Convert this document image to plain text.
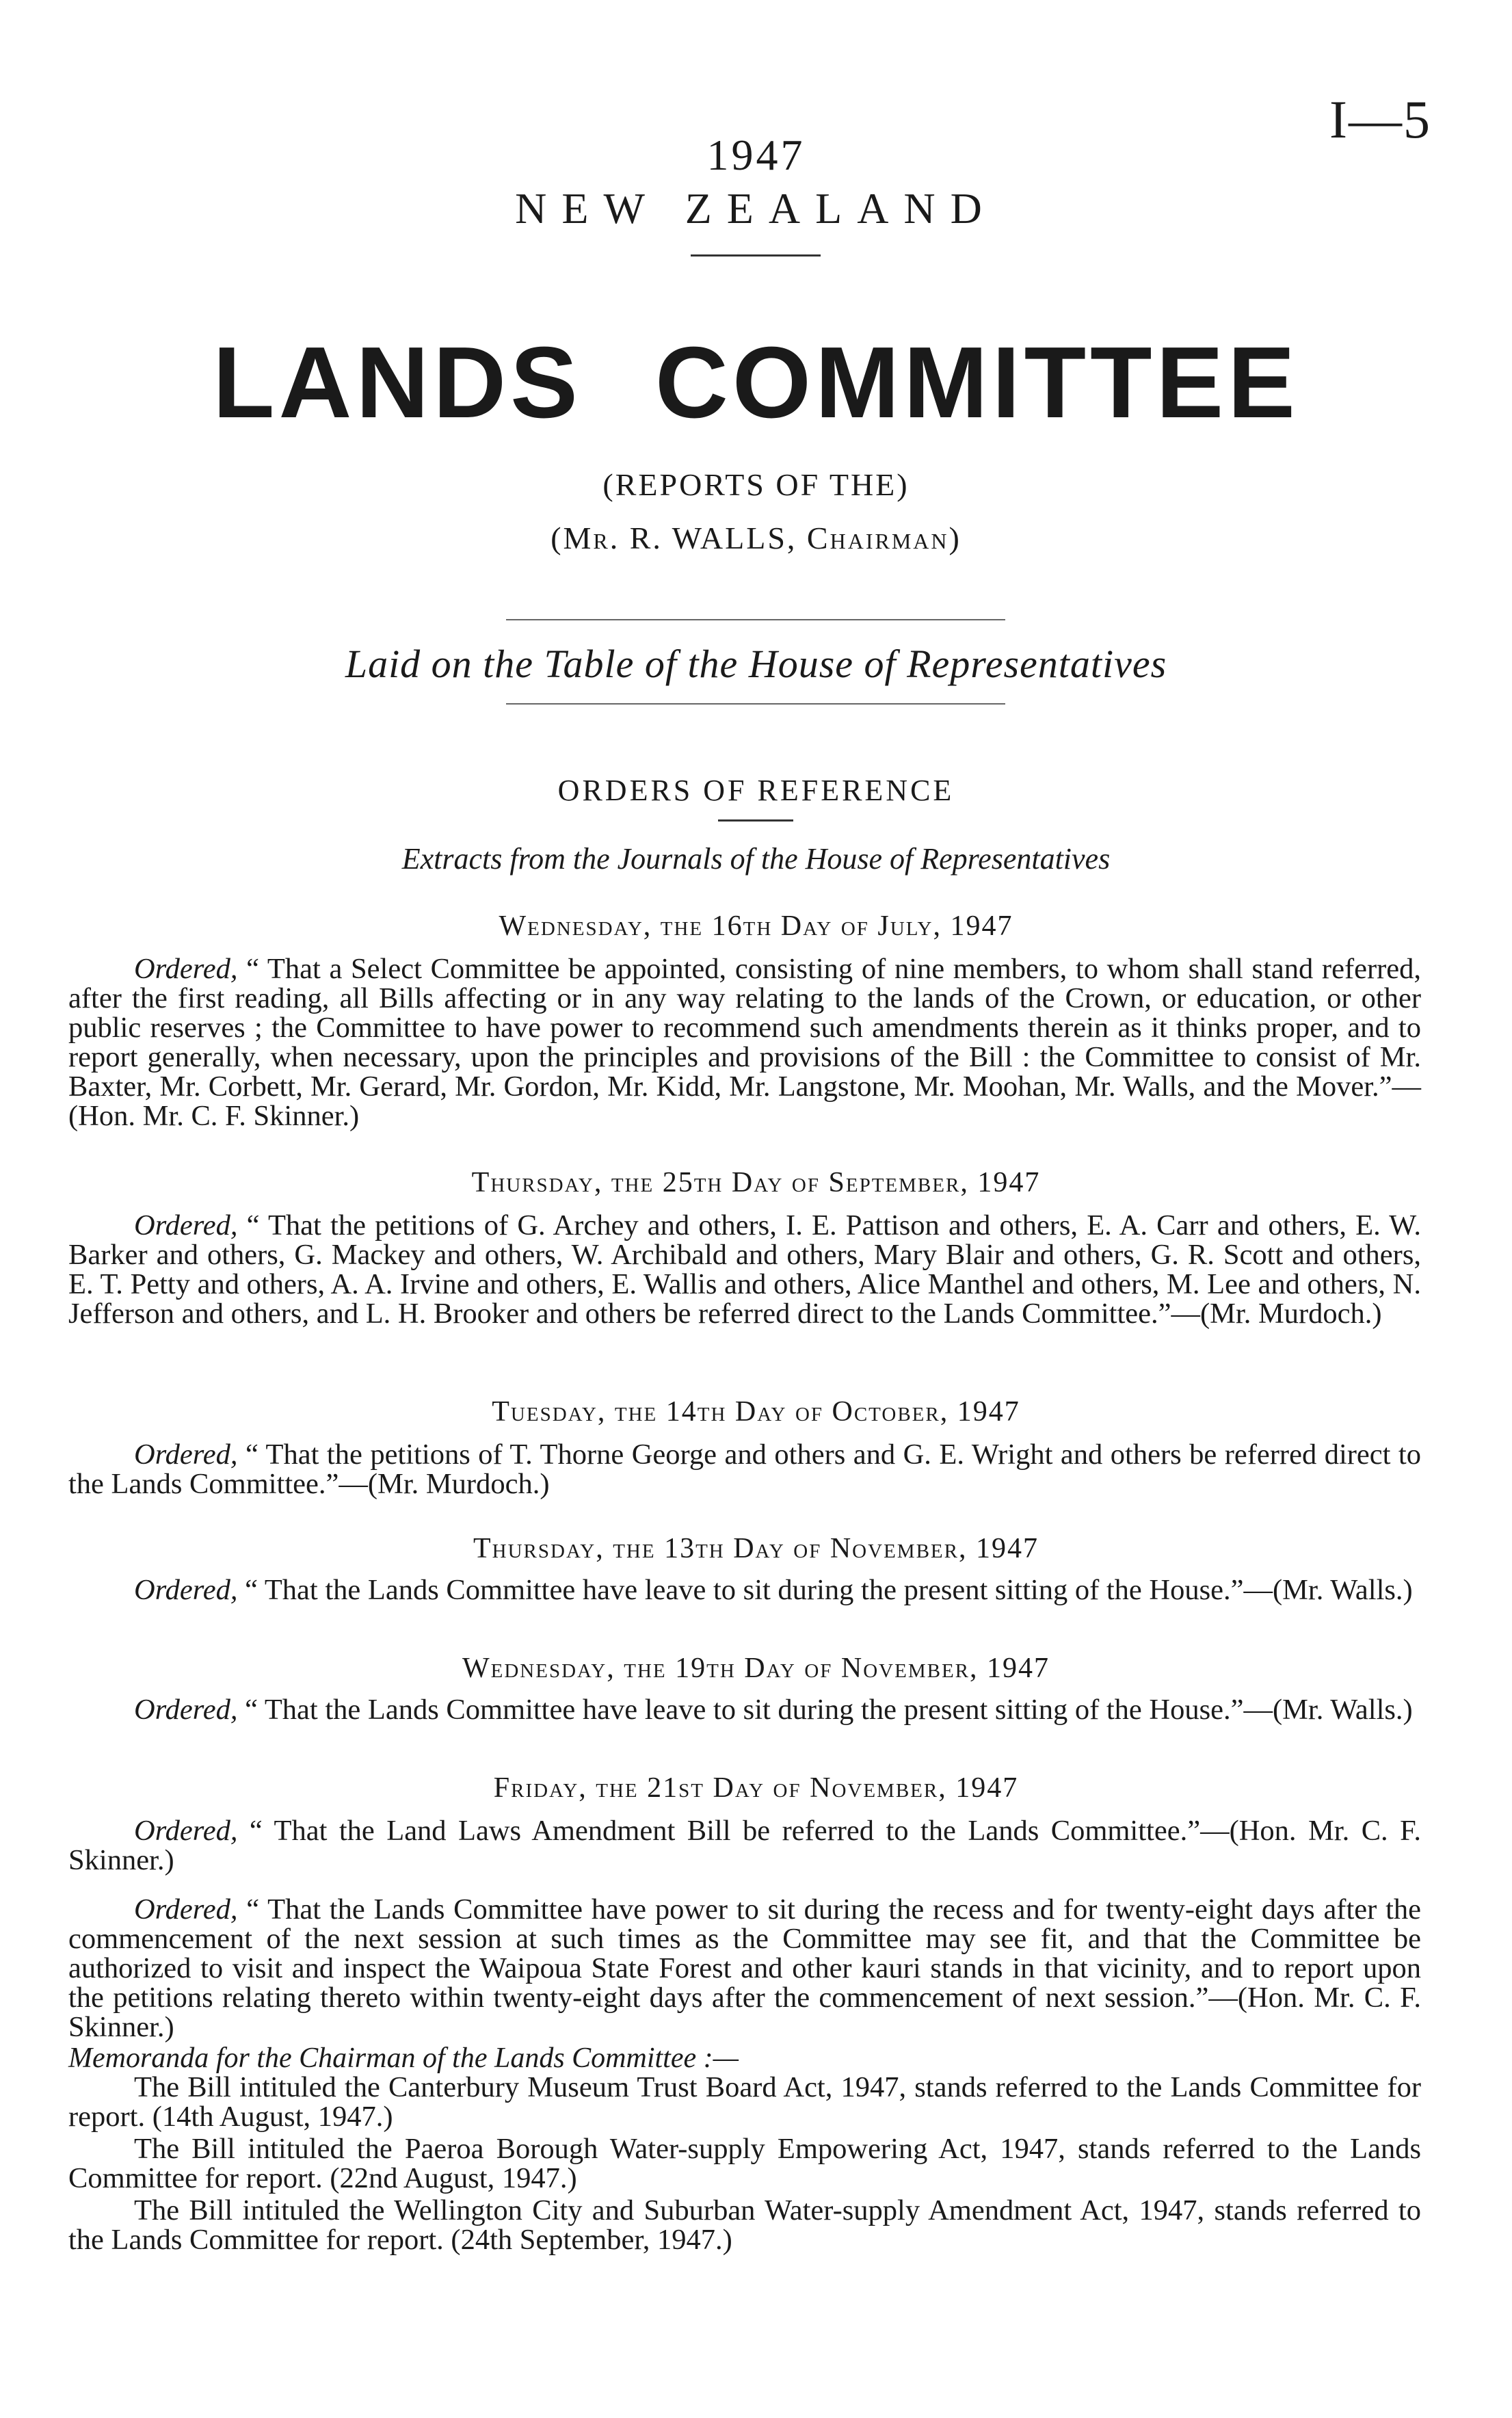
I—5
1947
NEW ZEALAND
LANDS COMMITTEE
(REPORTS OF THE)
(Mr. R. WALLS, Chairman)
Laid on the Table of the House of Representatives
ORDERS OF REFERENCE
Extracts from the Journals of the House of Representatives
Wednesday, the 16th Day of July, 1947
Ordered, “ That a Select Committee be appointed, consisting of nine members, to whom shall stand referred, after the first reading, all Bills affecting or in any way relating to the lands of the Crown, or education, or other public reserves ; the Committee to have power to recommend such amendments therein as it thinks proper, and to report generally, when necessary, upon the principles and provisions of the Bill : the Committee to consist of Mr. Baxter, Mr. Corbett, Mr. Gerard, Mr. Gordon, Mr. Kidd, Mr. Langstone, Mr. Moohan, Mr. Walls, and the Mover.”—(Hon. Mr. C. F. Skinner.)
Thursday, the 25th Day of September, 1947
Ordered, “ That the petitions of G. Archey and others, I. E. Pattison and others, E. A. Carr and others, E. W. Barker and others, G. Mackey and others, W. Archibald and others, Mary Blair and others, G. R. Scott and others, E. T. Petty and others, A. A. Irvine and others, E. Wallis and others, Alice Manthel and others, M. Lee and others, N. Jefferson and others, and L. H. Brooker and others be referred direct to the Lands Committee.”—(Mr. Murdoch.)
Tuesday, the 14th Day of October, 1947
Ordered, “ That the petitions of T. Thorne George and others and G. E. Wright and others be referred direct to the Lands Committee.”—(Mr. Murdoch.)
Thursday, the 13th Day of November, 1947
Ordered, “ That the Lands Committee have leave to sit during the present sitting of the House.”—(Mr. Walls.)
Wednesday, the 19th Day of November, 1947
Ordered, “ That the Lands Committee have leave to sit during the present sitting of the House.”—(Mr. Walls.)
Friday, the 21st Day of November, 1947
Ordered, “ That the Land Laws Amendment Bill be referred to the Lands Committee.”—(Hon. Mr. C. F. Skinner.)
Ordered, “ That the Lands Committee have power to sit during the recess and for twenty-eight days after the commencement of the next session at such times as the Committee may see fit, and that the Committee be authorized to visit and inspect the Waipoua State Forest and other kauri stands in that vicinity, and to report upon the petitions relating thereto within twenty-eight days after the commencement of next session.”—(Hon. Mr. C. F. Skinner.)
Memoranda for the Chairman of the Lands Committee :—
The Bill intituled the Canterbury Museum Trust Board Act, 1947, stands referred to the Lands Committee for report. (14th August, 1947.)
The Bill intituled the Paeroa Borough Water-supply Empowering Act, 1947, stands referred to the Lands Committee for report. (22nd August, 1947.)
The Bill intituled the Wellington City and Suburban Water-supply Amendment Act, 1947, stands referred to the Lands Committee for report. (24th September, 1947.)
